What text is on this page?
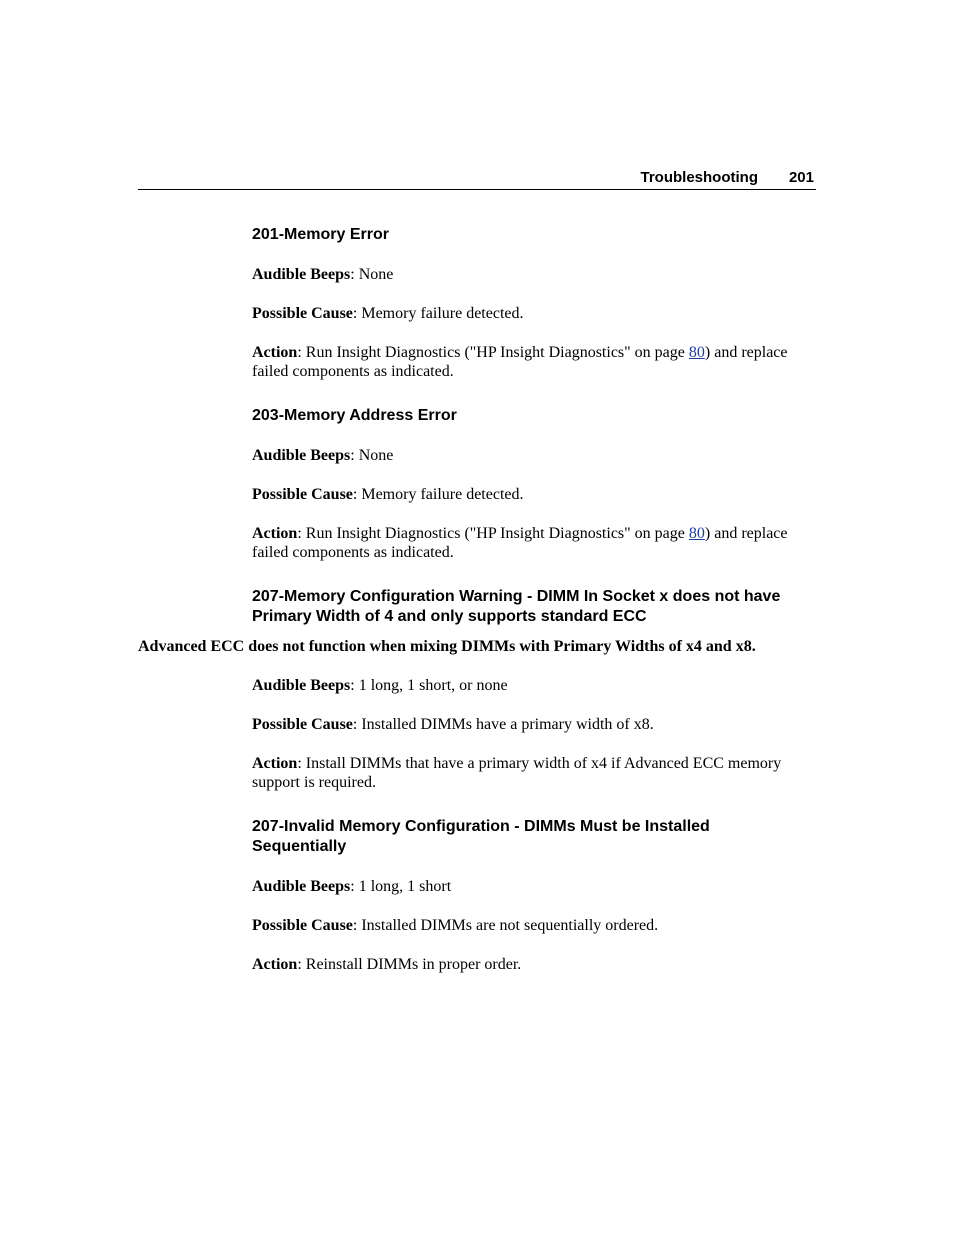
Troubleshooting 201

201-Memory Error

Audible Beeps: None

Possible Cause: Memory failure detected.

Action: Run Insight Diagnostics ("HP Insight Diagnostics" on page 80) and replace failed components as indicated.

203-Memory Address Error

Audible Beeps: None

Possible Cause: Memory failure detected.

Action: Run Insight Diagnostics ("HP Insight Diagnostics" on page 80) and replace failed components as indicated.

207-Memory Configuration Warning - DIMM In Socket x does not have Primary Width of 4 and only supports standard ECC

Advanced ECC does not function when mixing DIMMs with Primary Widths of x4 and x8.

Audible Beeps: 1 long, 1 short, or none

Possible Cause: Installed DIMMs have a primary width of x8.

Action: Install DIMMs that have a primary width of x4 if Advanced ECC memory support is required.

207-Invalid Memory Configuration - DIMMs Must be Installed Sequentially

Audible Beeps: 1 long, 1 short

Possible Cause: Installed DIMMs are not sequentially ordered.

Action: Reinstall DIMMs in proper order.
